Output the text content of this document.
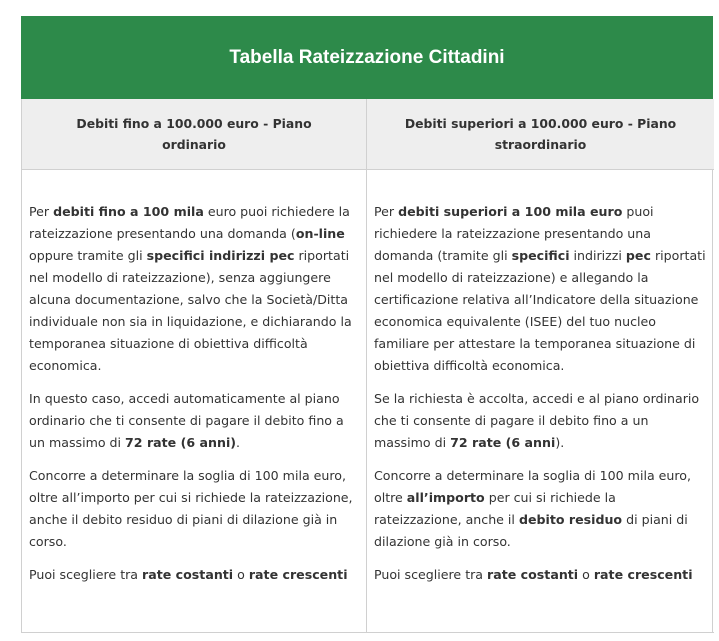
Tabella Rateizzazione Cittadini
Debiti fino a 100.000 euro - Piano ordinario
Debiti superiori a 100.000 euro - Piano straordinario

Per debiti fino a 100 mila euro puoi richiedere la rateizzazione presentando una domanda (on-line oppure tramite gli specifici indirizzi pec riportati nel modello di rateizzazione), senza aggiungere alcuna documentazione, salvo che la Società/Ditta individuale non sia in liquidazione, e dichiarando la temporanea situazione di obiettiva difficoltà economica.

In questo caso, accedi automaticamente al piano ordinario che ti consente di pagare il debito fino a un massimo di 72 rate (6 anni).

Concorre a determinare la soglia di 100 mila euro, oltre all’importo per cui si richiede la rateizzazione, anche il debito residuo di piani di dilazione già in corso.

Puoi scegliere tra rate costanti o rate crescenti

Per debiti superiori a 100 mila euro puoi richiedere la rateizzazione presentando una domanda (tramite gli specifici indirizzi pec riportati nel modello di rateizzazione) e allegando la certificazione relativa all’Indicatore della situazione economica equivalente (ISEE) del tuo nucleo familiare per attestare la temporanea situazione di obiettiva difficoltà economica.

Se la richiesta è accolta, accedi e al piano ordinario che ti consente di pagare il debito fino a un massimo di 72 rate (6 anni).

Concorre a determinare la soglia di 100 mila euro, oltre all’importo per cui si richiede la rateizzazione, anche il debito residuo di piani di dilazione già in corso.

Puoi scegliere tra rate costanti o rate crescenti
